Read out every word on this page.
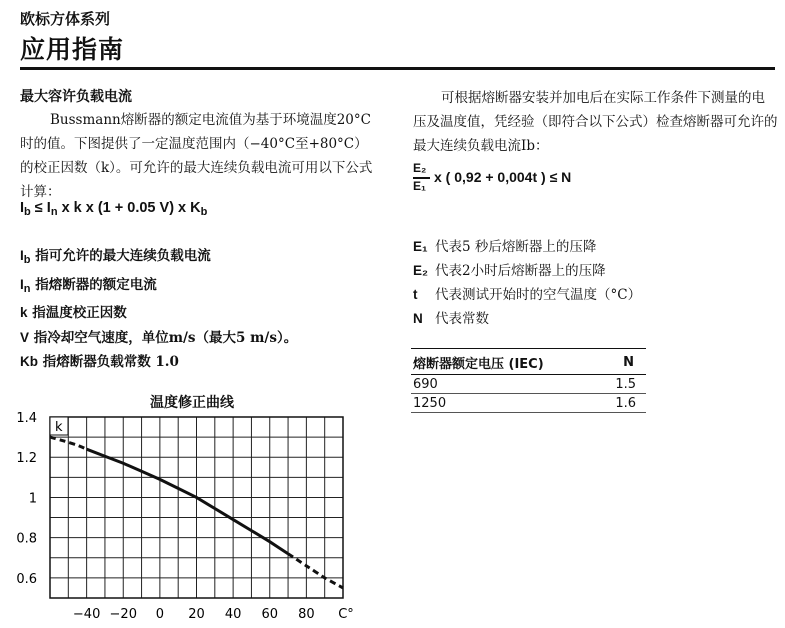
欧标方体系列
应用指南
最大容许负载电流
Bussmann熔断器的额定电流值为基于环境温度20°C时的值。下图提供了一定温度范围内（−40°C至+80°C）的校正因数（k）。可允许的最大连续负载电流可用以下公式计算：
$I_b \le I_n$ x k x (1 + 0.05 V) x $K_b$
$I_b$ 指可允许的最大连续负载电流
$I_n$ 指熔断器的额定电流
k 指温度校正因数
V 指冷却空气速度，单位m/s（最大5 m/s）。
Kb 指熔断器负载常数 1.0
温度修正曲线
k
1.4
1.2
1
0.8
0.6
−40 −20 0 20 40 60 80 C°
可根据熔断器安装并加电后在实际工作条件下测量的电压及温度值，凭经验（即符合以下公式）检查熔断器可允许的最大连续负载电流Ib：
E₂
E₁
x ( 0,92 + 0,004t ) ≤ N
E₁ 代表5 秒后熔断器上的压降
E₂ 代表2小时后熔断器上的压降
t 代表测试开始时的空气温度（°C）
N 代表常数
熔断器额定电压 (IEC)	N
690	1.5
1250	1.6
